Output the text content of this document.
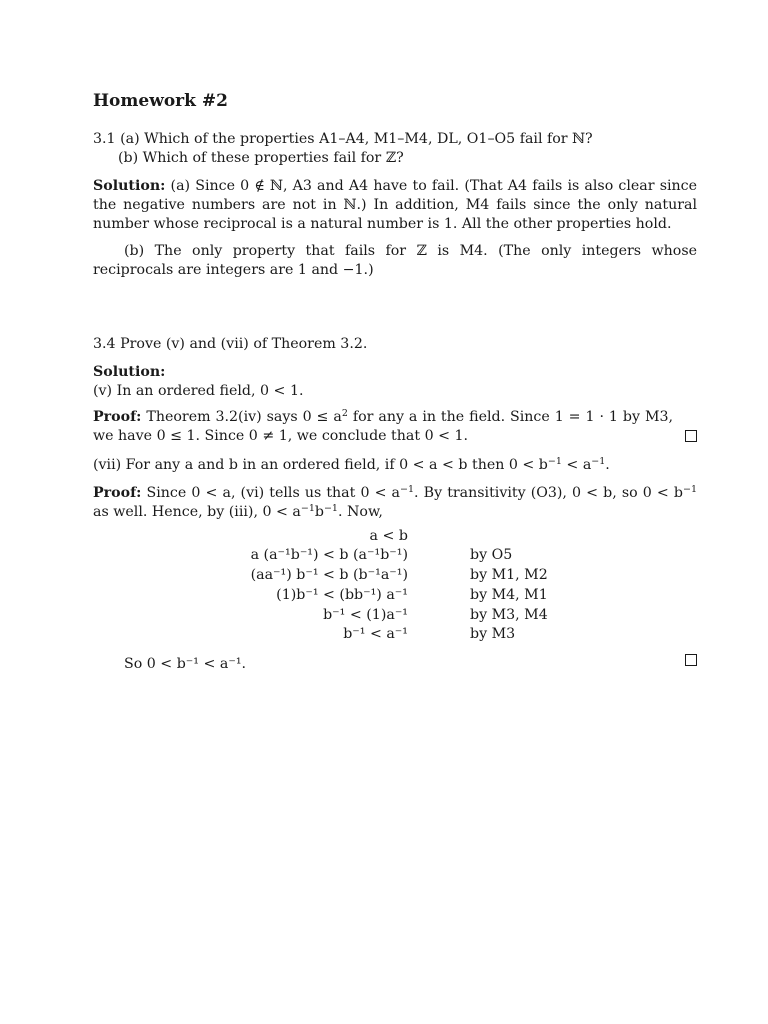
Homework #2
3.1 (a) Which of the properties A1–A4, M1–M4, DL, O1–O5 fail for ℕ?
(b) Which of these properties fail for ℤ?
Solution: (a) Since 0 ∉ ℕ, A3 and A4 have to fail. (That A4 fails is also clear since the negative numbers are not in ℕ.) In addition, M4 fails since the only natural number whose reciprocal is a natural number is 1. All the other properties hold.
(b) The only property that fails for ℤ is M4. (The only integers whose reciprocals are integers are 1 and −1.)
3.4 Prove (v) and (vii) of Theorem 3.2.
Solution:
(v) In an ordered field, 0 < 1.
Proof: Theorem 3.2(iv) says $0 \le a^2$ for any a in the field. Since 1 = 1 · 1 by M3, we have 0 ≤ 1. Since 0 ≠ 1, we conclude that 0 < 1.
(vii) For any a and b in an ordered field, if 0 < a < b then $0 < b^{-1} < a^{-1}$.
Proof: Since 0 < a, (vi) tells us that $0 < a^{-1}$. By transitivity (O3), 0 < b, so $0 < b^{-1}$ as well. Hence, by (iii), $0 < a^{-1}b^{-1}$. Now,
a < b
a (a⁻¹b⁻¹) < b (a⁻¹b⁻¹)	by O5
(aa⁻¹) b⁻¹ < b (b⁻¹a⁻¹)	by M1, M2
(1)b⁻¹ < (bb⁻¹) a⁻¹	by M4, M1
b⁻¹ < (1)a⁻¹	by M3, M4
b⁻¹ < a⁻¹	by M3
So 0 < b⁻¹ < a⁻¹.
